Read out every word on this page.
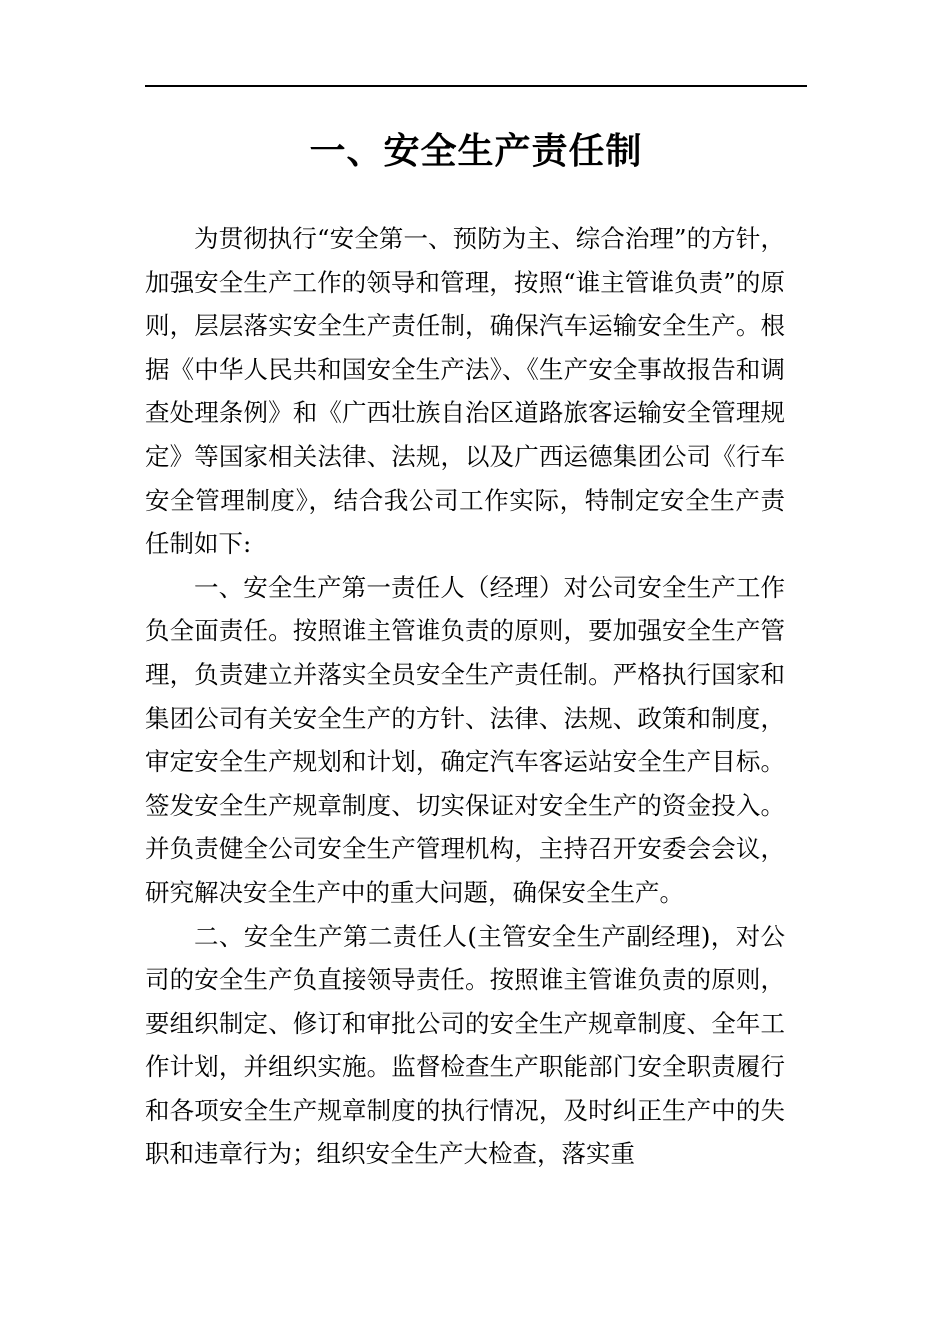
一、安全生产责任制

为贯彻执行“安全第一、预防为主、综合治理”的方针，加强安全生产工作的领导和管理，按照“谁主管谁负责”的原则，层层落实安全生产责任制，确保汽车运输安全生产。根据《中华人民共和国安全生产法》、《生产安全事故报告和调查处理条例》和《广西壮族自治区道路旅客运输安全管理规定》等国家相关法律、法规，以及广西运德集团公司《行车安全管理制度》，结合我公司工作实际，特制定安全生产责任制如下:

一、安全生产第一责任人（经理）对公司安全生产工作负全面责任。按照谁主管谁负责的原则，要加强安全生产管理，负责建立并落实全员安全生产责任制。严格执行国家和集团公司有关安全生产的方针、法律、法规、政策和制度，审定安全生产规划和计划，确定汽车客运站安全生产目标。签发安全生产规章制度、切实保证对安全生产的资金投入。并负责健全公司安全生产管理机构，主持召开安委会会议，研究解决安全生产中的重大问题，确保安全生产。

二、安全生产第二责任人(主管安全生产副经理)，对公司的安全生产负直接领导责任。按照谁主管谁负责的原则，要组织制定、修订和审批公司的安全生产规章制度、全年工作计划，并组织实施。监督检查生产职能部门安全职责履行和各项安全生产规章制度的执行情况，及时纠正生产中的失职和违章行为；组织安全生产大检查，落实重
